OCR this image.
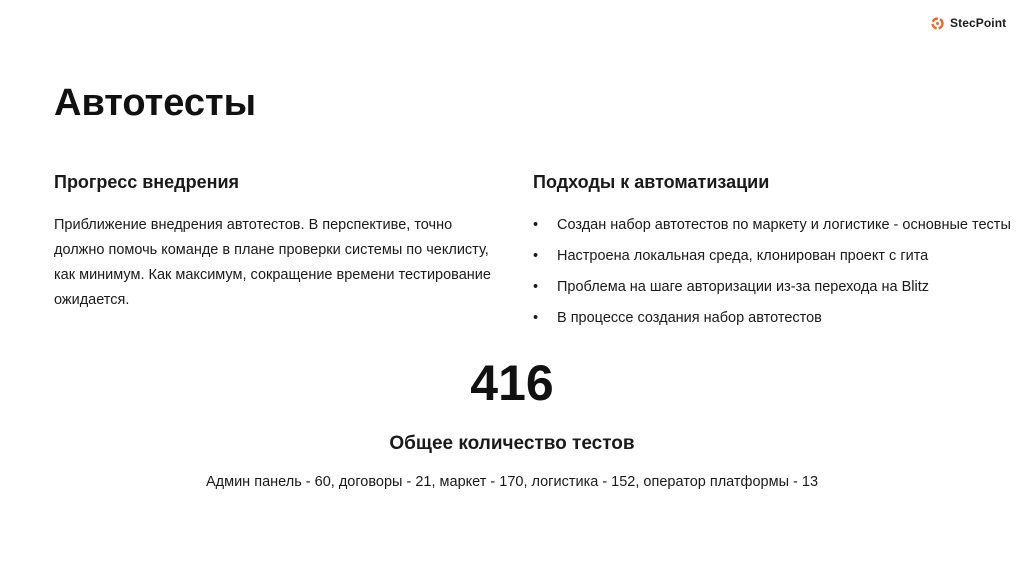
StecPoint
Автотесты
Прогресс внедрения

Приближение внедрения автотестов. В перспективе, точно должно помочь команде в плане проверки системы по чеклисту, как минимум. Как максимум, сокращение времени тестирование ожидается.

Подходы к автоматизации
• Создан набор автотестов по маркету и логистике - основные тесты
• Настроена локальная среда, клонирован проект с гита
• Проблема на шаге авторизации из-за перехода на Blitz
• В процессе создания набор автотестов
416
Общее количество тестов
Админ панель - 60, договоры - 21, маркет - 170, логистика - 152, оператор платформы - 13
